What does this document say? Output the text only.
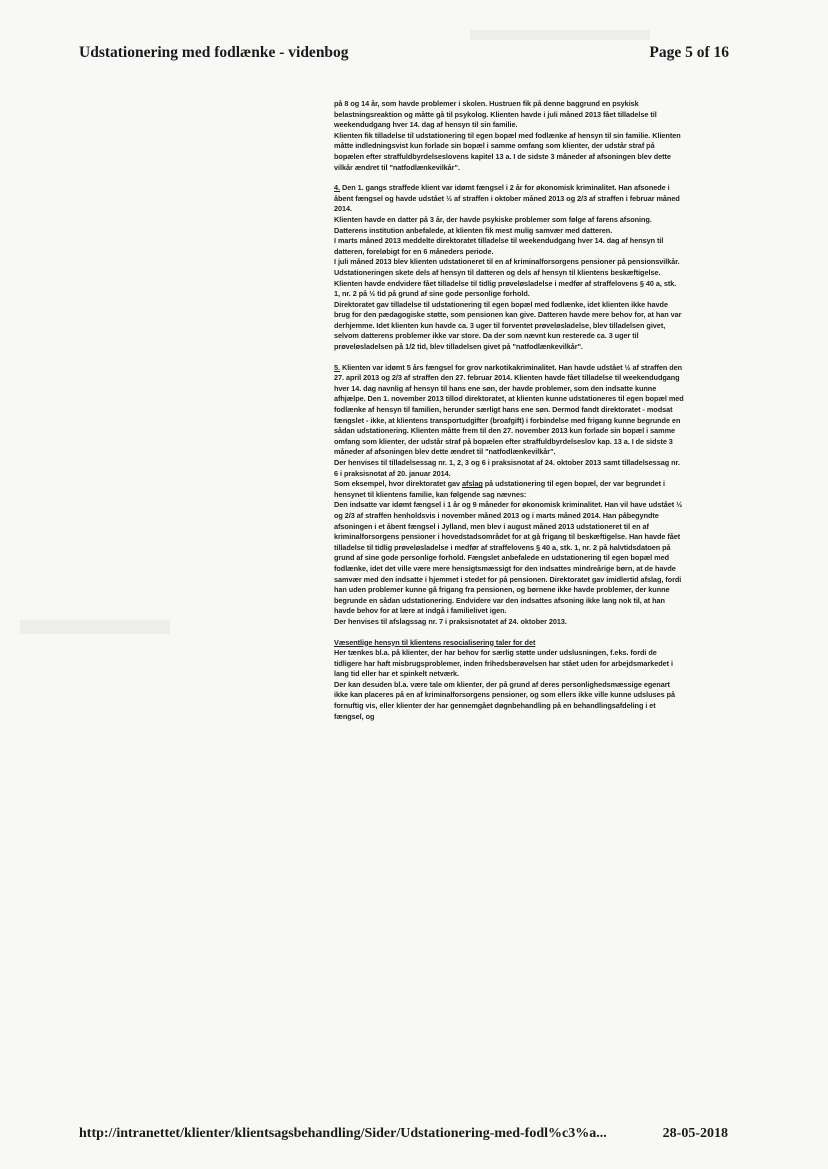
Udstationering med fodlænke - videnbog	Page 5 of 16

på 8 og 14 år, som havde problemer i skolen. Hustruen fik på denne baggrund en psykisk belastningsreaktion og måtte gå til psykolog. Klienten havde i juli måned 2013 fået tilladelse til weekendudgang hver 14. dag af hensyn til sin familie.

Klienten fik tilladelse til udstationering til egen bopæl med fodlænke af hensyn til sin familie. Klienten måtte indledningsvist kun forlade sin bopæl i samme omfang som klienter, der udstår straf på bopælen efter straffuldbyrdelseslovens kapitel 13 a. I de sidste 3 måneder af afsoningen blev dette vilkår ændret til "natfodlænkevilkår".

4. Den 1. gangs straffede klient var idømt fængsel i 2 år for økonomisk kriminalitet. Han afsonede i åbent fængsel og havde udstået ½ af straffen i oktober måned 2013 og 2/3 af straffen i februar måned 2014.

Klienten havde en datter på 3 år, der havde psykiske problemer som følge af farens afsoning. Datterens institution anbefalede, at klienten fik mest mulig samvær med datteren.

I marts måned 2013 meddelte direktoratet tilladelse til weekendudgang hver 14. dag af hensyn til datteren, foreløbigt for en 6 måneders periode.

I juli måned 2013 blev klienten udstationeret til en af kriminalforsorgens pensioner på pensionsvilkår. Udstationeringen skete dels af hensyn til datteren og dels af hensyn til klientens beskæftigelse.

Klienten havde endvidere fået tilladelse til tidlig prøveløsladelse i medfør af straffelovens § 40 a, stk. 1, nr. 2 på ½ tid på grund af sine gode personlige forhold.

Direktoratet gav tilladelse til udstationering til egen bopæl med fodlænke, idet klienten ikke havde brug for den pædagogiske støtte, som pensionen kan give. Datteren havde mere behov for, at han var derhjemme. Idet klienten kun havde ca. 3 uger til forventet prøveløsladelse, blev tilladelsen givet, selvom datterens problemer ikke var store. Da der som nævnt kun resterede ca. 3 uger til prøveløsladelsen på 1/2 tid, blev tilladelsen givet på "natfodlænkevilkår".

5. Klienten var idømt 5 års fængsel for grov narkotikakriminalitet. Han havde udstået ½ af straffen den 27. april 2013 og 2/3 af straffen den 27. februar 2014. Klienten havde fået tilladelse til weekendudgang hver 14. dag navnlig af hensyn til hans ene søn, der havde problemer, som den indsatte kunne afhjælpe. Den 1. november 2013 tillod direktoratet, at klienten kunne udstationeres til egen bopæl med fodlænke af hensyn til familien, herunder særligt hans ene søn. Dermod fandt direktoratet - modsat fængslet - ikke, at klientens transportudgifter (broafgift) i forbindelse med frigang kunne begrunde en sådan udstationering. Klienten måtte frem til den 27. november 2013 kun forlade sin bopæl i samme omfang som klienter, der udstår straf på bopælen efter straffuldbyrdelseslov kap. 13 a. I de sidste 3 måneder af afsoningen blev dette ændret til "natfodlænkevilkår".

Der henvises til tilladelsessag nr. 1, 2, 3 og 6 i praksisnotat af 24. oktober 2013 samt tilladelsessag nr. 6 i praksisnotat af 20. januar 2014.

Som eksempel, hvor direktoratet gav afslag på udstationering til egen bopæl, der var begrundet i hensynet til klientens familie, kan følgende sag nævnes:

Den indsatte var idømt fængsel i 1 år og 9 måneder for økonomisk kriminalitet. Han vil have udstået ½ og 2/3 af straffen henholdsvis i november måned 2013 og i marts måned 2014. Han påbegyndte afsoningen i et åbent fængsel i Jylland, men blev i august måned 2013 udstationeret til en af kriminalforsorgens pensioner i hovedstadsområdet for at gå frigang til beskæftigelse. Han havde fået tilladelse til tidlig prøveløsladelse i medfør af straffelovens § 40 a, stk. 1, nr. 2 på halvtidsdatoen på grund af sine gode personlige forhold. Fængslet anbefalede en udstationering til egen bopæl med fodlænke, idet det ville være mere hensigtsmæssigt for den indsattes mindreårige børn, at de havde samvær med den indsatte i hjemmet i stedet for på pensionen. Direktoratet gav imidlertid afslag, fordi han uden problemer kunne gå frigang fra pensionen, og børnene ikke havde problemer, der kunne begrunde en sådan udstationering. Endvidere var den indsattes afsoning ikke lang nok til, at han havde behov for at lære at indgå i familielivet igen.

Der henvises til afslagssag nr. 7 i praksisnotatet af 24. oktober 2013.

Væsentlige hensyn til klientens resocialisering taler for det

Her tænkes bl.a. på klienter, der har behov for særlig støtte under udslusningen, f.eks. fordi de tidligere har haft misbrugsproblemer, inden frihedsberøvelsen har stået uden for arbejdsmarkedet i lang tid eller har et spinkelt netværk.

Der kan desuden bl.a. være tale om klienter, der på grund af deres personlighedsmæssige egenart ikke kan placeres på en af kriminalforsorgens pensioner, og som ellers ikke ville kunne udsluses på fornuftig vis, eller klienter der har gennemgået døgnbehandling på en behandlingsafdeling i et fængsel, og

http://intranettet/klienter/klientsagsbehandling/Sider/Udstationering-med-fodl%c3%a...	28-05-2018
